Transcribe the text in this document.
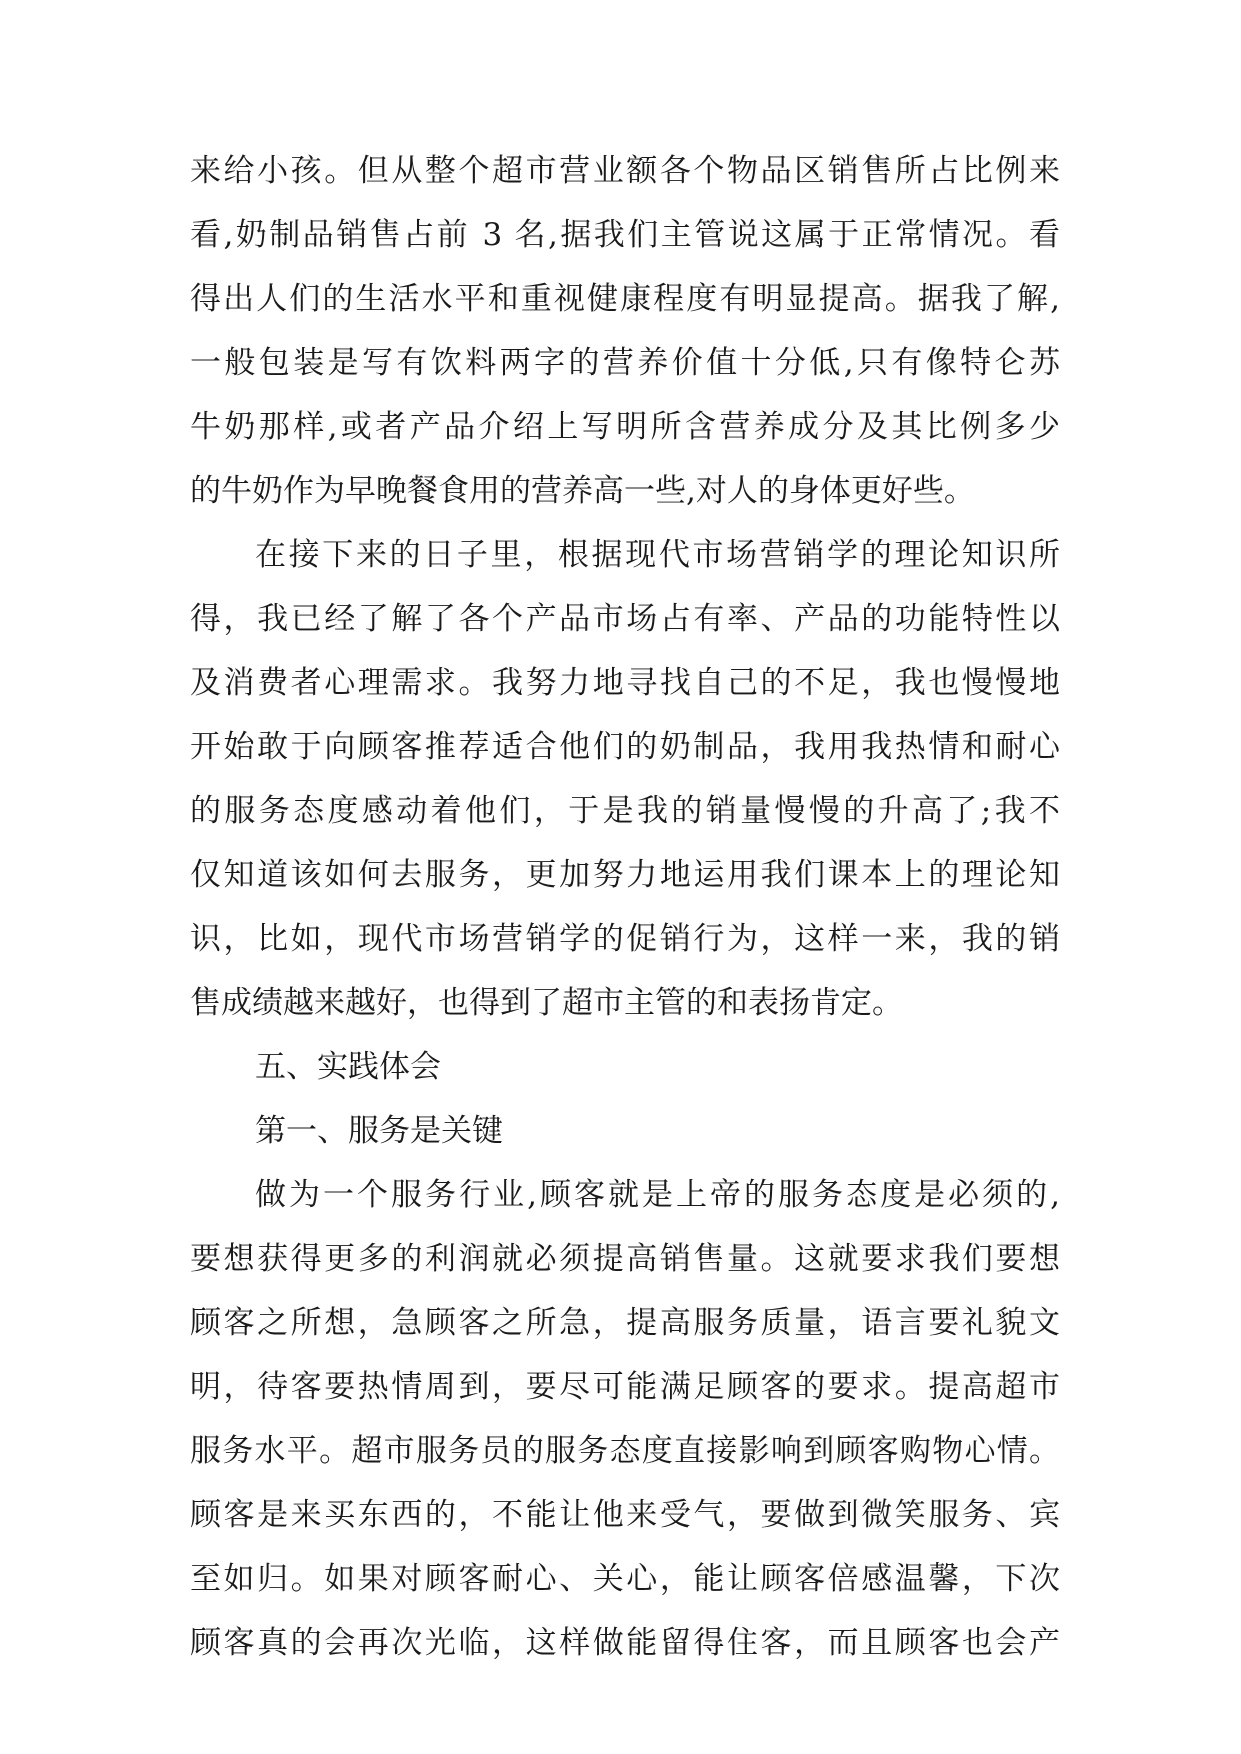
来给小孩。但从整个超市营业额各个物品区销售所占比例来
看,奶制品销售占前 3 名,据我们主管说这属于正常情况。看
得出人们的生活水平和重视健康程度有明显提高。据我了解,
一般包装是写有饮料两字的营养价值十分低,只有像特仑苏
牛奶那样,或者产品介绍上写明所含营养成分及其比例多少
的牛奶作为早晚餐食用的营养高一些,对人的身体更好些。
在接下来的日子里，根据现代市场营销学的理论知识所
得，我已经了解了各个产品市场占有率、产品的功能特性以
及消费者心理需求。我努力地寻找自己的不足，我也慢慢地
开始敢于向顾客推荐适合他们的奶制品，我用我热情和耐心
的服务态度感动着他们，于是我的销量慢慢的升高了;我不
仅知道该如何去服务，更加努力地运用我们课本上的理论知
识，比如，现代市场营销学的促销行为，这样一来，我的销
售成绩越来越好，也得到了超市主管的和表扬肯定。
五、实践体会
第一、服务是关键
做为一个服务行业,顾客就是上帝的服务态度是必须的,
要想获得更多的利润就必须提高销售量。这就要求我们要想
顾客之所想，急顾客之所急，提高服务质量，语言要礼貌文
明，待客要热情周到，要尽可能满足顾客的要求。提高超市
服务水平。超市服务员的服务态度直接影响到顾客购物心情。
顾客是来买东西的，不能让他来受气，要做到微笑服务、宾
至如归。如果对顾客耐心、关心，能让顾客倍感温馨，下次
顾客真的会再次光临，这样做能留得住客，而且顾客也会产
